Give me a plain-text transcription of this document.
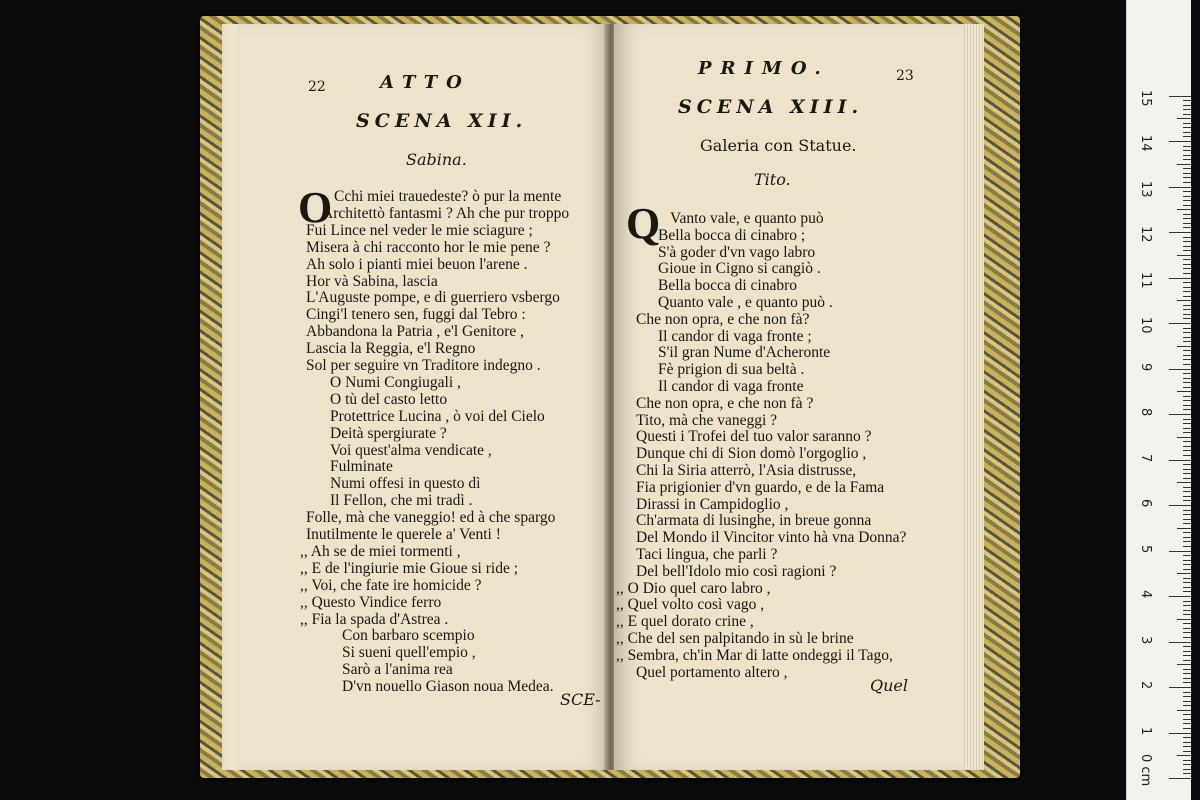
22	ATTO
SCENA XII.
Sabina.
O Cchi miei trauedeste? ò pur la mente
Architettò fantasmi ? Ah che pur troppo
Fui Lince nel veder le mie sciagure ;
Misera à chi racconto hor le mie pene ?
Ah solo i pianti miei beuon l'arene .
Hor và Sabina, lascia
L'Auguste pompe, e di guerriero vsbergo
Cingi'l tenero sen, fuggi dal Tebro :
Abbandona la Patria , e'l Genitore ,
Lascia la Reggia, e'l Regno
Sol per seguire vn Traditore indegno .
O Numi Congiugali ,
O tù del casto letto
Protettrice Lucina , ò voi del Cielo
Deità spergiurate ?
Voi quest'alma vendicate ,
Fulminate
Numi offesi in questo dì
Il Fellon, che mi tradì .
Folle, mà che vaneggio! ed à che spargo
Inutilmente le querele a' Venti !
,, Ah se de miei tormenti ,
,, E de l'ingiurie mie Gioue si ride ;
,, Voi, che fate ire homicide ?
,, Questo Vindice ferro
,, Fia la spada d'Astrea .
Con barbaro scempio
Si sueni quell'empio ,
Sarò a l'anima rea
D'vn nouello Giason noua Medea.
SCE-
PRIMO.	23
SCENA XIII.
Galeria con Statue.
Tito.
Q Vanto vale, e quanto può
Bella bocca di cinabro ;
S'à goder d'vn vago labro
Gioue in Cigno si cangiò .
Bella bocca di cinabro
Quanto vale , e quanto può .
Che non opra, e che non fà?
Il candor di vaga fronte ;
S'il gran Nume d'Acheronte
Fè prigion di sua beltà .
Il candor di vaga fronte
Che non opra, e che non fà ?
Tito, mà che vaneggi ?
Questi i Trofei del tuo valor saranno ?
Dunque chi di Sion domò l'orgoglio ,
Chi la Siria atterrò, l'Asia distrusse,
Fia prigionier d'vn guardo, e de la Fama
Dirassi in Campidoglio ,
Ch'armata di lusinghe, in breue gonna
Del Mondo il Vincitor vinto hà vna Donna?
Taci lingua, che parli ?
Del bell'Idolo mio così ragioni ?
,, O Dio quel caro labro ,
,, Quel volto così vago ,
,, E quel dorato crine ,
,, Che del sen palpitando in sù le brine
,, Sembra, ch'in Mar di latte ondeggi il Tago,
Quel portamento altero ,
Quel
0 cm
1
2
3
4
5
6
7
8
9
10
11
12
13
14
15
